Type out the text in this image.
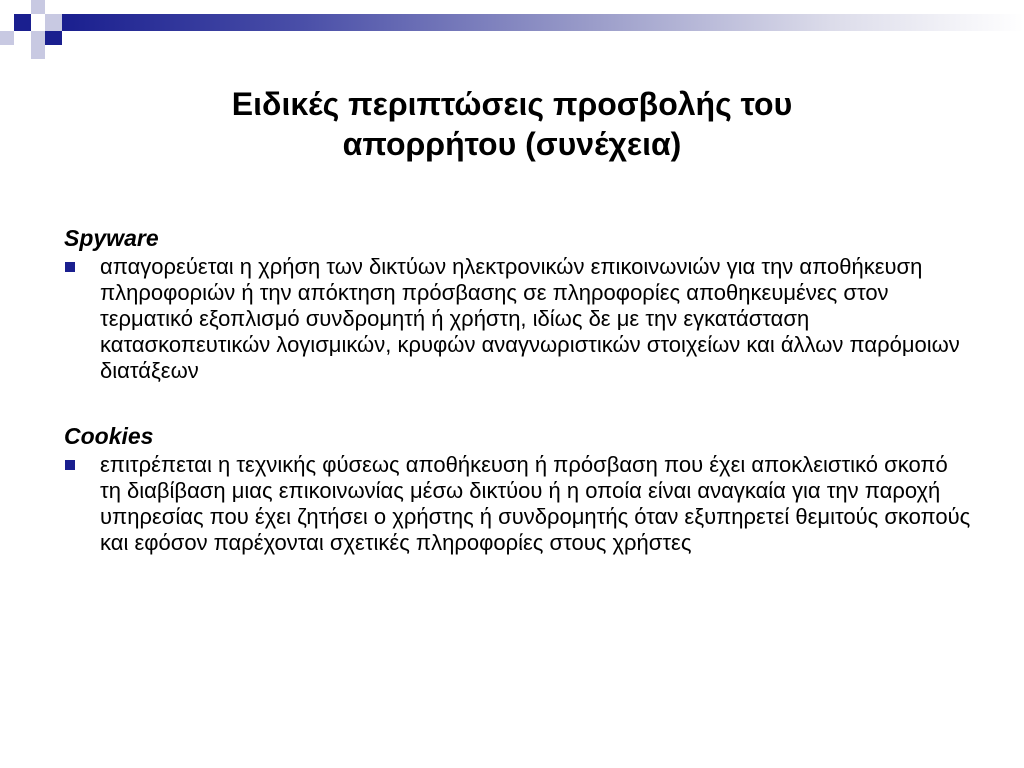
Ειδικές περιπτώσεις προσβολής του
απορρήτου (συνέχεια)

Spyware

απαγορεύεται η χρήση των δικτύων ηλεκτρονικών επικοινωνιών για την αποθήκευση πληροφοριών ή την απόκτηση πρόσβασης σε πληροφορίες αποθηκευμένες στον τερματικό εξοπλισμό συνδρομητή ή χρήστη, ιδίως δε με την εγκατάσταση κατασκοπευτικών λογισμικών, κρυφών αναγνωριστικών στοιχείων και άλλων παρόμοιων διατάξεων

Cookies

επιτρέπεται η τεχνικής φύσεως αποθήκευση ή πρόσβαση που έχει αποκλειστικό σκοπό τη διαβίβαση μιας επικοινωνίας μέσω δικτύου ή η οποία είναι αναγκαία για την παροχή υπηρεσίας που έχει ζητήσει ο χρήστης ή συνδρομητής όταν εξυπηρετεί θεμιτούς σκοπούς και εφόσον παρέχονται σχετικές πληροφορίες στους χρήστες
